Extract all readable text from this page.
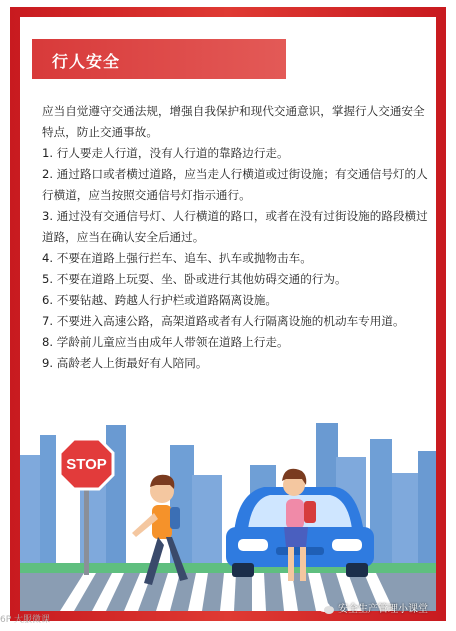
行人安全

应当自觉遵守交通法规，增强自我保护和现代交通意识，掌握行人交通安全特点，防止交通事故。

1. 行人要走人行道，没有人行道的靠路边行走。

2. 通过路口或者横过道路，应当走人行横道或过街设施；有交通信号灯的人行横道，应当按照交通信号灯指示通行。

3. 通过没有交通信号灯、人行横道的路口，或者在没有过街设施的路段横过道路，应当在确认安全后通过。

4. 不要在道路上强行拦车、追车、扒车或抛物击车。

5. 不要在道路上玩耍、坐、卧或进行其他妨碍交通的行为。

6. 不要钻越、跨越人行护栏或道路隔离设施。

7. 不要进入高速公路，高架道路或者有人行隔离设施的机动车专用道。

8. 学龄前儿童应当由成年人带领在道路上行走。

9. 高龄老人上街最好有人陪同。

STOP
安全生产管理小课堂
6P 大服微课
